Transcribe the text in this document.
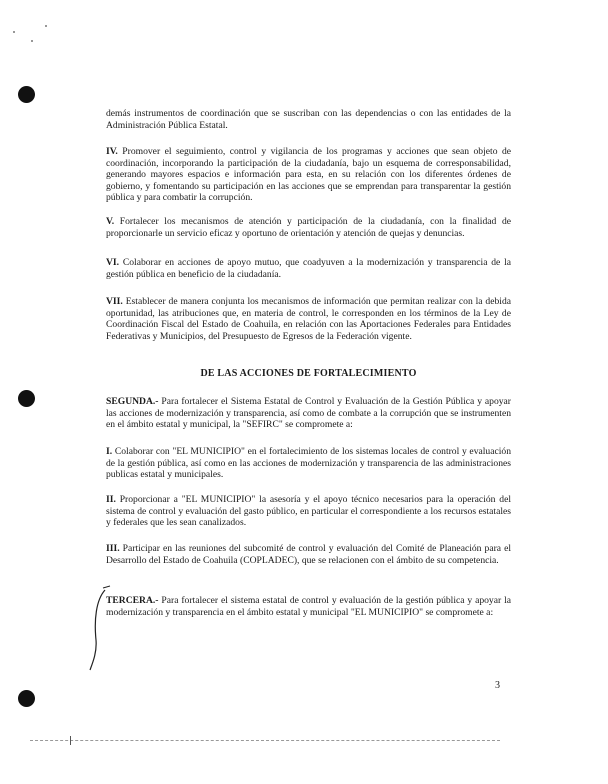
demás instrumentos de coordinación que se suscriban con las dependencias o con las entidades de la Administración Pública Estatal.

IV. Promover el seguimiento, control y vigilancia de los programas y acciones que sean objeto de coordinación, incorporando la participación de la ciudadanía, bajo un esquema de corresponsabilidad, generando mayores espacios e información para esta, en su relación con los diferentes órdenes de gobierno, y fomentando su participación en las acciones que se emprendan para transparentar la gestión pública y para combatir la corrupción.

V. Fortalecer los mecanismos de atención y participación de la ciudadanía, con la finalidad de proporcionarle un servicio eficaz y oportuno de orientación y atención de quejas y denuncias.

VI. Colaborar en acciones de apoyo mutuo, que coadyuven a la modernización y transparencia de la gestión pública en beneficio de la ciudadanía.

VII. Establecer de manera conjunta los mecanismos de información que permitan realizar con la debida oportunidad, las atribuciones que, en materia de control, le corresponden en los términos de la Ley de Coordinación Fiscal del Estado de Coahuila, en relación con las Aportaciones Federales para Entidades Federativas y Municipios, del Presupuesto de Egresos de la Federación vigente.

DE LAS ACCIONES DE FORTALECIMIENTO

SEGUNDA.- Para fortalecer el Sistema Estatal de Control y Evaluación de la Gestión Pública y apoyar las acciones de modernización y transparencia, así como de combate a la corrupción que se instrumenten en el ámbito estatal y municipal, la "SEFIRC" se compromete a:

I. Colaborar con "EL MUNICIPIO" en el fortalecimiento de los sistemas locales de control y evaluación de la gestión pública, así como en las acciones de modernización y transparencia de las administraciones publicas estatal y municipales.

II. Proporcionar a "EL MUNICIPIO" la asesoría y el apoyo técnico necesarios para la operación del sistema de control y evaluación del gasto público, en particular el correspondiente a los recursos estatales y federales que les sean canalizados.

III. Participar en las reuniones del subcomité de control y evaluación del Comité de Planeación para el Desarrollo del Estado de Coahuila (COPLADEC), que se relacionen con el ámbito de su competencia.

TERCERA.- Para fortalecer el sistema estatal de control y evaluación de la gestión pública y apoyar la modernización y transparencia en el ámbito estatal y municipal "EL MUNICIPIO" se compromete a:

3
